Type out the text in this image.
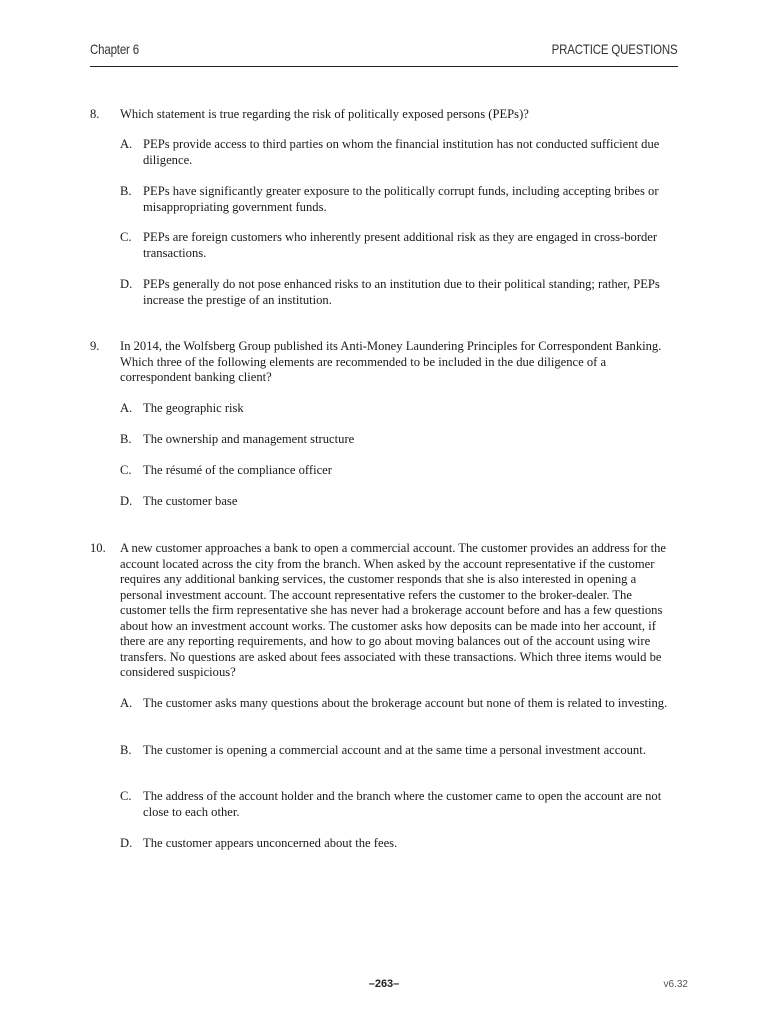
Chapter 6	PRACTICE QUESTIONS
8. Which statement is true regarding the risk of politically exposed persons (PEPs)?
A. PEPs provide access to third parties on whom the financial institution has not conducted sufficient due diligence.
B. PEPs have significantly greater exposure to the politically corrupt funds, including accepting bribes or misappropriating government funds.
C. PEPs are foreign customers who inherently present additional risk as they are engaged in cross-border transactions.
D. PEPs generally do not pose enhanced risks to an institution due to their political standing; rather, PEPs increase the prestige of an institution.
9. In 2014, the Wolfsberg Group published its Anti-Money Laundering Principles for Correspondent Banking. Which three of the following elements are recommended to be included in the due diligence of a correspondent banking client?
A. The geographic risk
B. The ownership and management structure
C. The résumé of the compliance officer
D. The customer base
10. A new customer approaches a bank to open a commercial account. The customer provides an address for the account located across the city from the branch. When asked by the account representative if the customer requires any additional banking services, the customer responds that she is also interested in opening a personal investment account. The account representative refers the customer to the broker-dealer. The customer tells the firm representative she has never had a brokerage account before and has a few questions about how an investment account works. The customer asks how deposits can be made into her account, if there are any reporting requirements, and how to go about moving balances out of the account using wire transfers. No questions are asked about fees associated with these transactions. Which three items would be considered suspicious?
A. The customer asks many questions about the brokerage account but none of them is related to investing.
B. The customer is opening a commercial account and at the same time a personal investment account.
C. The address of the account holder and the branch where the customer came to open the account are not close to each other.
D. The customer appears unconcerned about the fees.
–263–	v6.32
